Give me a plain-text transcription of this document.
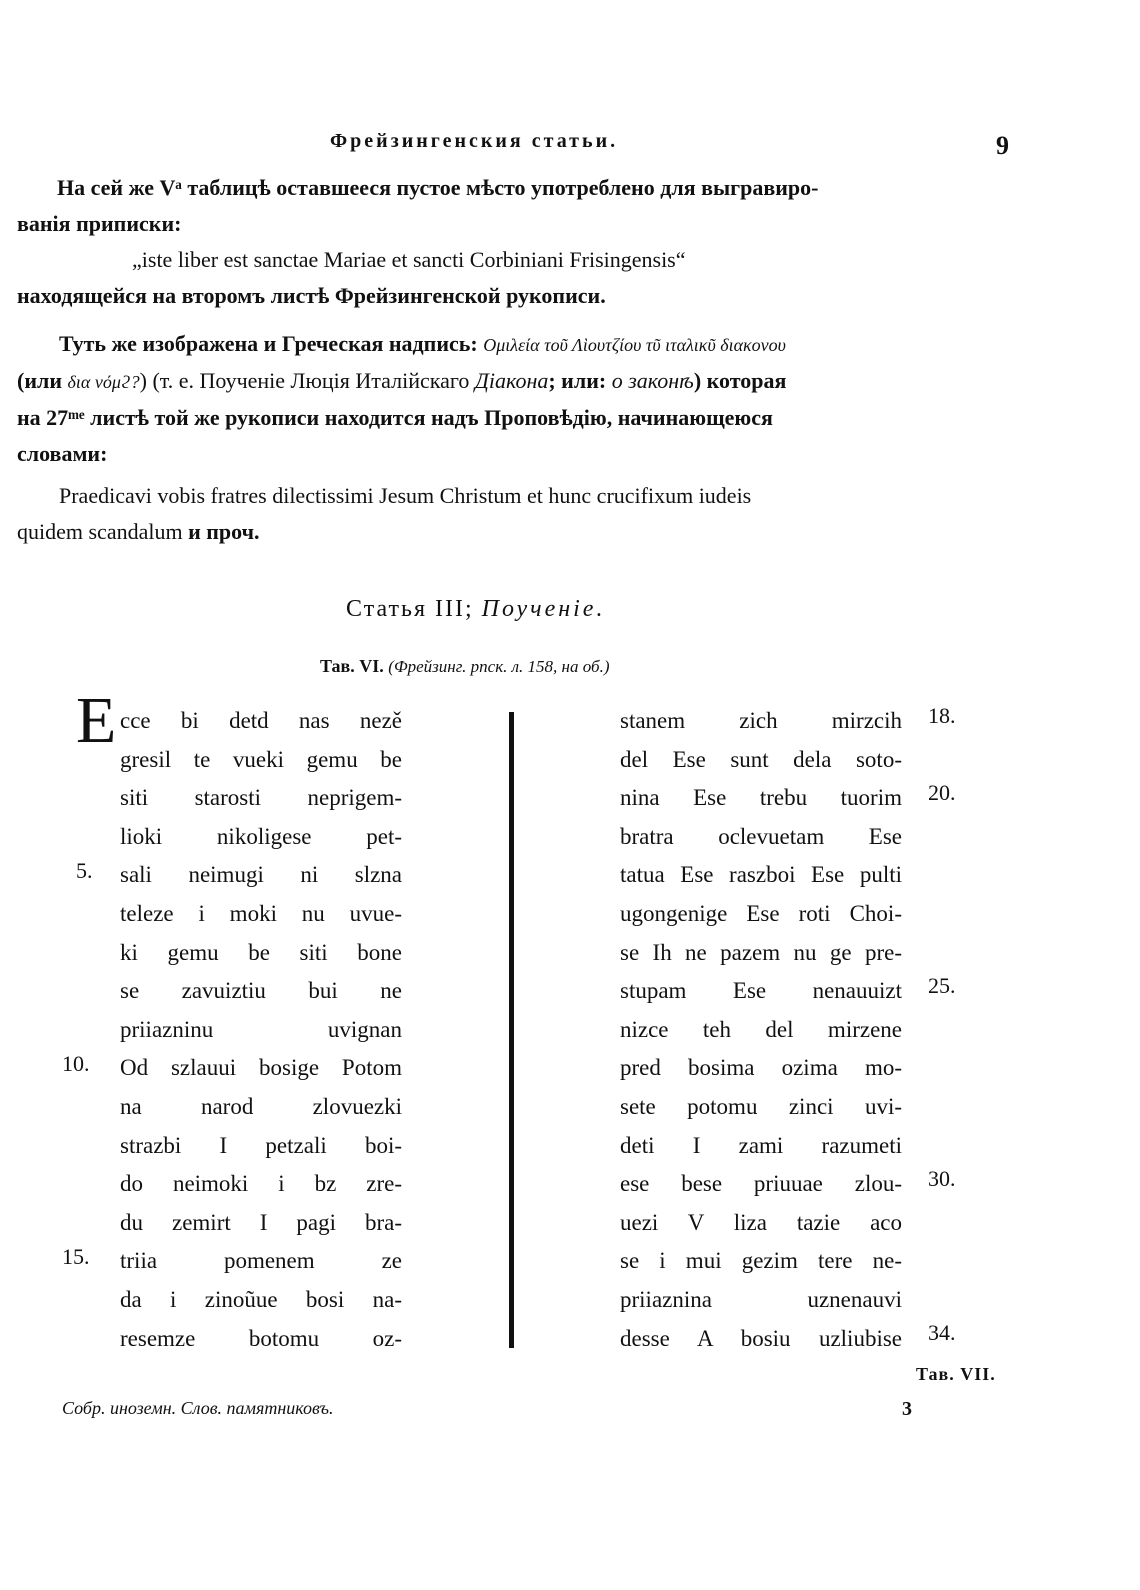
Фрейзингенския статьи.	9
На сей же Vᵃ таблицѣ оставшееся пустое мѣсто употреблено для выгравиро-
ванія приписки:
„iste liber est sanctae Mariae et sancti Corbiniani Frisingensis“
находящейся на второмъ листѣ Фрейзингенской рукописи.
Туть же изображена и Греческая надпись: Ομιλεία τοῦ Λὶουτζίου τῦ ιταλικῦ διακονου
(или δια νόμϩ?) (т. е. Поученіе Люція Италійскаго Діакона; или: о законѣ) которая
на 27ᵐᵉ листѣ той же рукописи находится надъ Проповѣдію, начинающеюся
словами:
Praedicavi vobis fratres dilectissimi Jesum Christum et hunc crucifixum iudeis
quidem scandalum и проч.
Статья III; Поученіе.
Тав. VI. (Фрейзинг. рпск. л. 158, на об.)
E cce bi detd nas nezě
gresil te vueki gemu be
siti starosti neprigem-
lioki nikoligese pet-
sali neimugi ni slzna
teleze i moki nu uvue-
ki gemu be siti bone
se zavuiztiu bui ne
priiazninu uvignan
Od szlauui bosige Potom
na narod zlovuezki
strazbi I petzali boi-
do neimoki i bz zre-
du zemirt I pagi bra-
triia pomenem ze
da i zinoũue bosi na-
resemze botomu oz-
5.
10.
15.
stanem zich mirzcih
del Ese sunt dela soto-
nina Ese trebu tuorim
bratra oclevuetam Ese
tatua Ese raszboi Ese pulti
ugongenige Ese roti Choi-
se Ih ne pazem nu ge pre-
stupam Ese nenauuizt
nizce teh del mirzene
pred bosima ozima mo-
sete potomu zinci uvi-
deti I zami razumeti
ese bese priuuae zlou-
uezi V liza tazie aco
se i mui gezim tere ne-
priiaznina uznenauvi
desse A bosiu uzliubise
18.
20.
25.
30.
34.
Тав. VII.
Собр. иноземн. Слов. памятниковъ.	3
